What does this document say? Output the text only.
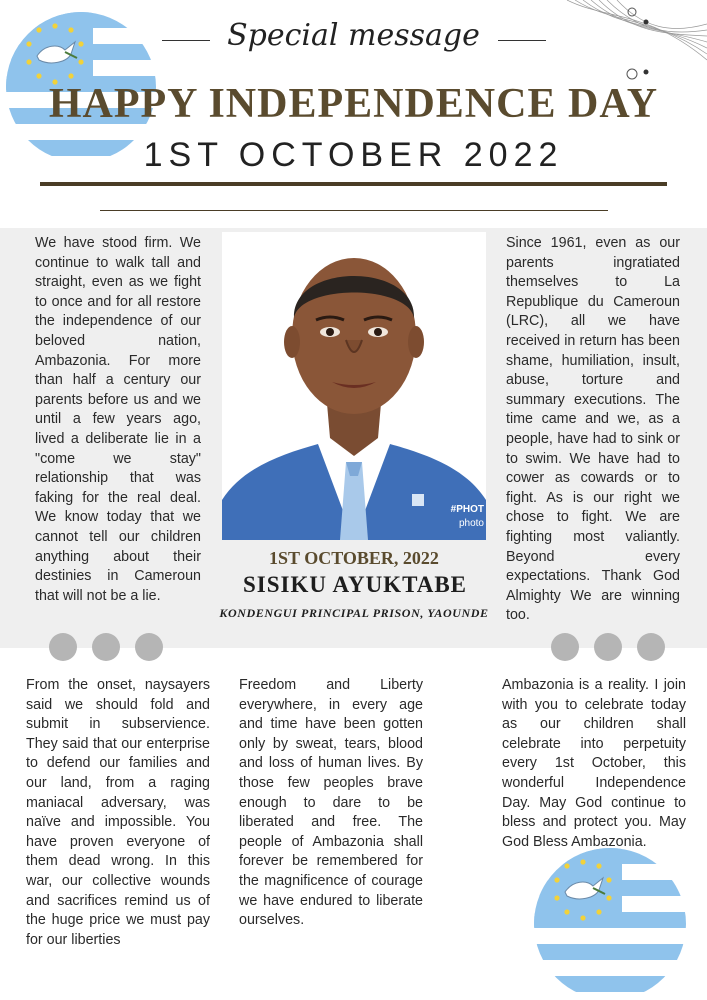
Special message
HAPPY INDEPENDENCE DAY
1ST OCTOBER 2022

We have stood firm. We continue to walk tall and straight, even as we fight to once and for all restore the independence of our beloved nation, Ambazonia. For more than half a century our parents before us and we until a few years ago, lived a deliberate lie in a "come we stay" relationship that was faking for the real deal. We know today that we cannot tell our children anything about their destinies in Cameroun that will not be a lie.

#PHOT
photo
1ST OCTOBER, 2022
SISIKU AYUKTABE
KONDENGUI PRINCIPAL PRISON, YAOUNDE

Since 1961, even as our parents ingratiated themselves to La Republique du Cameroun (LRC), all we have received in return has been shame, humiliation, insult, abuse, torture and summary executions. The time came and we, as a people, have had to sink or to swim. We have had to cower as cowards or to fight. As is our right we chose to fight. We are fighting most valiantly. Beyond every expectations. Thank God Almighty We are winning too.

From the onset, naysayers said we should fold and submit in subservience. They said that our enterprise to defend our families and our land, from a raging maniacal adversary, was naïve and impossible. You have proven everyone of them dead wrong. In this war, our collective wounds and sacrifices remind us of the huge price we must pay for our liberties

Freedom and Liberty everywhere, in every age and time have been gotten only by sweat, tears, blood and loss of human lives. By those few peoples brave enough to dare to be liberated and free. The people of Ambazonia shall forever be remembered for the magnificence of courage we have endured to liberate ourselves.

Ambazonia is a reality. I join with you to celebrate today as our children shall celebrate into perpetuity every 1st October, this wonderful Independence Day. May God continue to bless and protect you. May God Bless Ambazonia.
